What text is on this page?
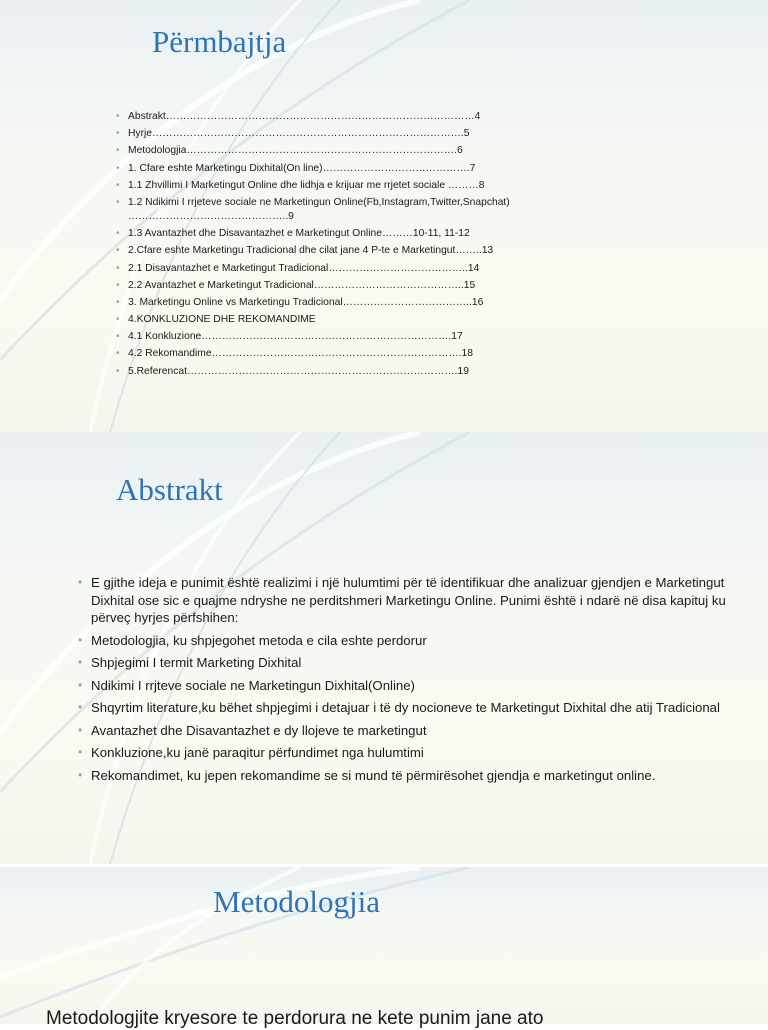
Përmbajtja
• Abstrakt………………………………………………………………………………4
• Hyrje……………………………………………………………………………….5
• Metodologjia…………………………………………………………………….6
• 1. Cfare eshte Marketingu Dixhital(On line)…………………………………….7
• 1.1 Zhvillimi I Marketingut Online dhe lidhja e krijuar me rrjetet sociale ………8
• 1.2 Ndikimi I rrjeteve sociale ne Marketingun Online(Fb,Instagram,Twitter,Snapchat) ………………………………………..9
• 1.3 Avantazhet dhe Disavantazhet e Marketingut Online………10-11, 11-12
• 2.Cfare eshte Marketingu Tradicional dhe cilat jane 4 P-te e Marketingut……..13
• 2.1 Disavantazhet e Marketingut Tradicional…………………………………..14
• 2.2 Avantazhet e Marketingut Tradicional……………………………………..15
• 3. Marketingu Online vs Marketingu Tradicional………………………………..16
• 4.KONKLUZIONE DHE REKOMANDIME
• 4.1 Konkluzione……………………………………………………………….17
• 4.2 Rekomandime……………………………………………………………….18
• 5.Referencat…………………………………………………………………….19
Abstrakt
• E gjithe ideja e punimit është realizimi i një hulumtimi për të identifikuar dhe analizuar gjendjen e Marketingut Dixhital ose sic e quajme ndryshe ne perditshmeri Marketingu Online. Punimi është i ndarë në disa kapituj ku përveç hyrjes përfshihen:
• Metodologjia, ku shpjegohet metoda e cila eshte perdorur
• Shpjegimi I termit Marketing Dixhital
• Ndikimi I rrjteve sociale ne Marketingun Dixhital(Online)
• Shqyrtim literature,ku bëhet shpjegimi i detajuar i të dy nocioneve te Marketingut Dixhital dhe atij Tradicional
• Avantazhet dhe Disavantazhet e dy llojeve te marketingut
• Konkluzione,ku janë paraqitur përfundimet nga hulumtimi
• Rekomandimet, ku jepen rekomandime se si mund të përmirësohet gjendja e marketingut online.
Metodologjia

Metodologjite kryesore te perdorura ne kete punim jane ato
